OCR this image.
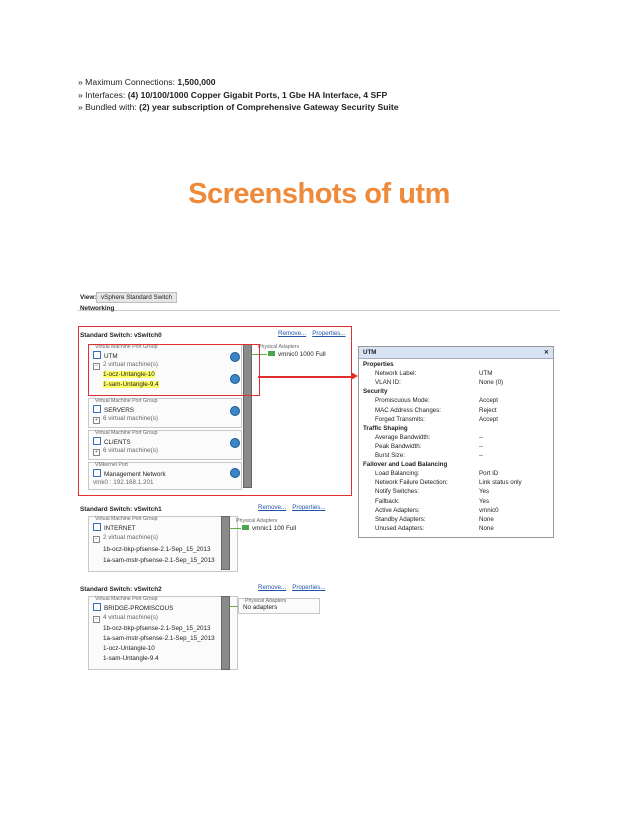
» Maximum Connections: 1,500,000
» Interfaces: (4) 10/100/1000 Copper Gigabit Ports, 1 Gbe HA Interface, 4 SFP
» Bundled with: (2) year subscription of Comprehensive Gateway Security Suite
Screenshots of utm
View: vSphere Standard Switch
Networking
Standard Switch: vSwitch0	Remove... Properties...
Virtual Machine Port Group
UTM
− 2 virtual machine(s)
1-ocz-Untangle-10
1-sam-Untangle-9.4
Virtual Machine Port Group
SERVERS
+ 6 virtual machine(s)
Virtual Machine Port Group
CLIENTS
+ 6 virtual machine(s)
VMkernel Port
Management Network
vmk0 : 192.168.1.201
Physical Adapters
vmnic0 1000 Full	UTM	✕
Properties
Network Label:	UTM
VLAN ID:	None (0)
Security
Promiscuous Mode:	Accept
MAC Address Changes:	Reject
Forged Transmits:	Accept
Traffic Shaping
Average Bandwidth:	--
Peak Bandwidth:	--
Burst Size:	--
Failover and Load Balancing
Load Balancing:	Port ID
Network Failure Detection:	Link status only
Notify Switches:	Yes
Fallback:	Yes
Active Adapters:	vmnic0
Standby Adapters:	None
Unused Adapters:	None
Standard Switch: vSwitch1	Remove... Properties...
Virtual Machine Port Group
INTERNET
− 2 virtual machine(s)
1b-ocz-bkp-pfsense-2.1-Sep_15_2013
1a-sam-mstr-pfsense-2.1-Sep_15_2013
Physical Adapters
vmnic1 100 Full
Standard Switch: vSwitch2	Remove... Properties...
Virtual Machine Port Group
BRIDGE-PROMISCOUS
− 4 virtual machine(s)
1b-ocz-bkp-pfsense-2.1-Sep_15_2013
1a-sam-mstr-pfsense-2.1-Sep_15_2013
1-ocz-Untangle-10
1-sam-Untangle-9.4
Physical Adapters
No adapters
